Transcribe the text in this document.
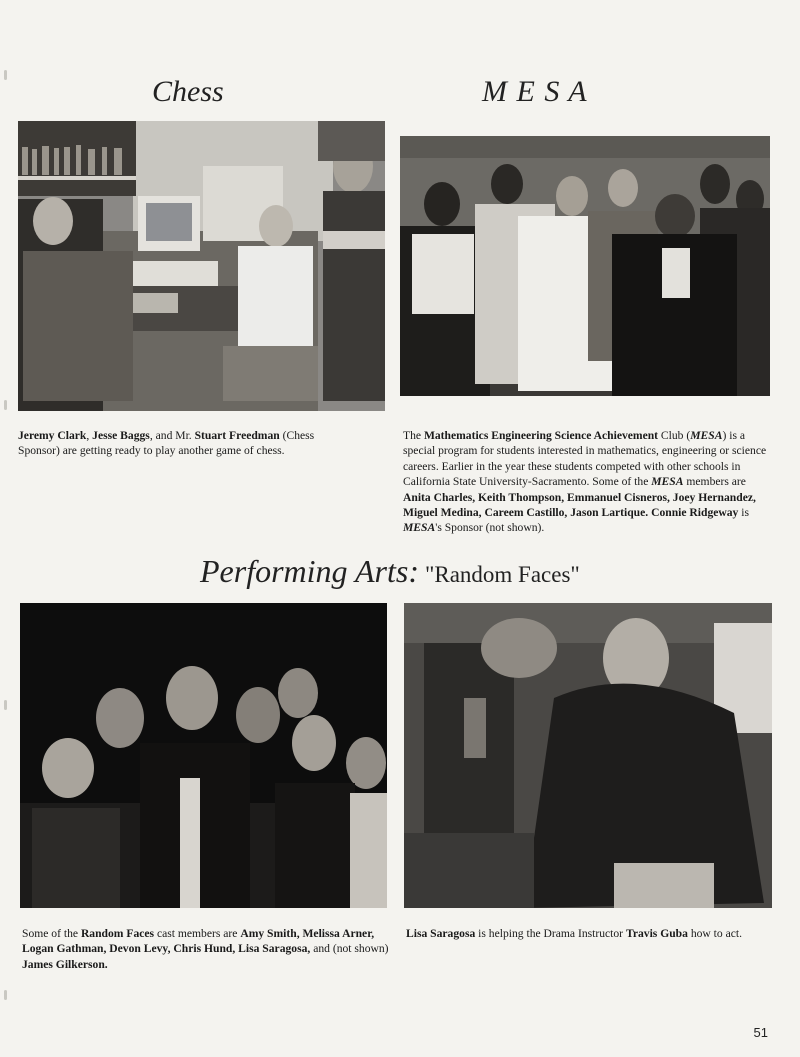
Chess
Jeremy Clark, Jesse Baggs, and Mr. Stuart Freedman (Chess Sponsor) are getting ready to play another game of chess.
M E S A
The Mathematics Engineering Science Achievement Club (MESA) is a special program for students interested in mathematics, engineering or science careers. Earlier in the year these students competed with other schools in California State University-Sacramento. Some of the MESA members are Anita Charles, Keith Thompson, Emmanuel Cisneros, Joey Hernandez, Miguel Medina, Careem Castillo, Jason Lartique. Connie Ridgeway is MESA's Sponsor (not shown).
Performing Arts: "Random Faces"
Some of the Random Faces cast members are Amy Smith, Melissa Arner, Logan Gathman, Devon Levy, Chris Hund, Lisa Saragosa, and (not shown) James Gilkerson.
Lisa Saragosa is helping the Drama Instructor Travis Guba how to act.
51
